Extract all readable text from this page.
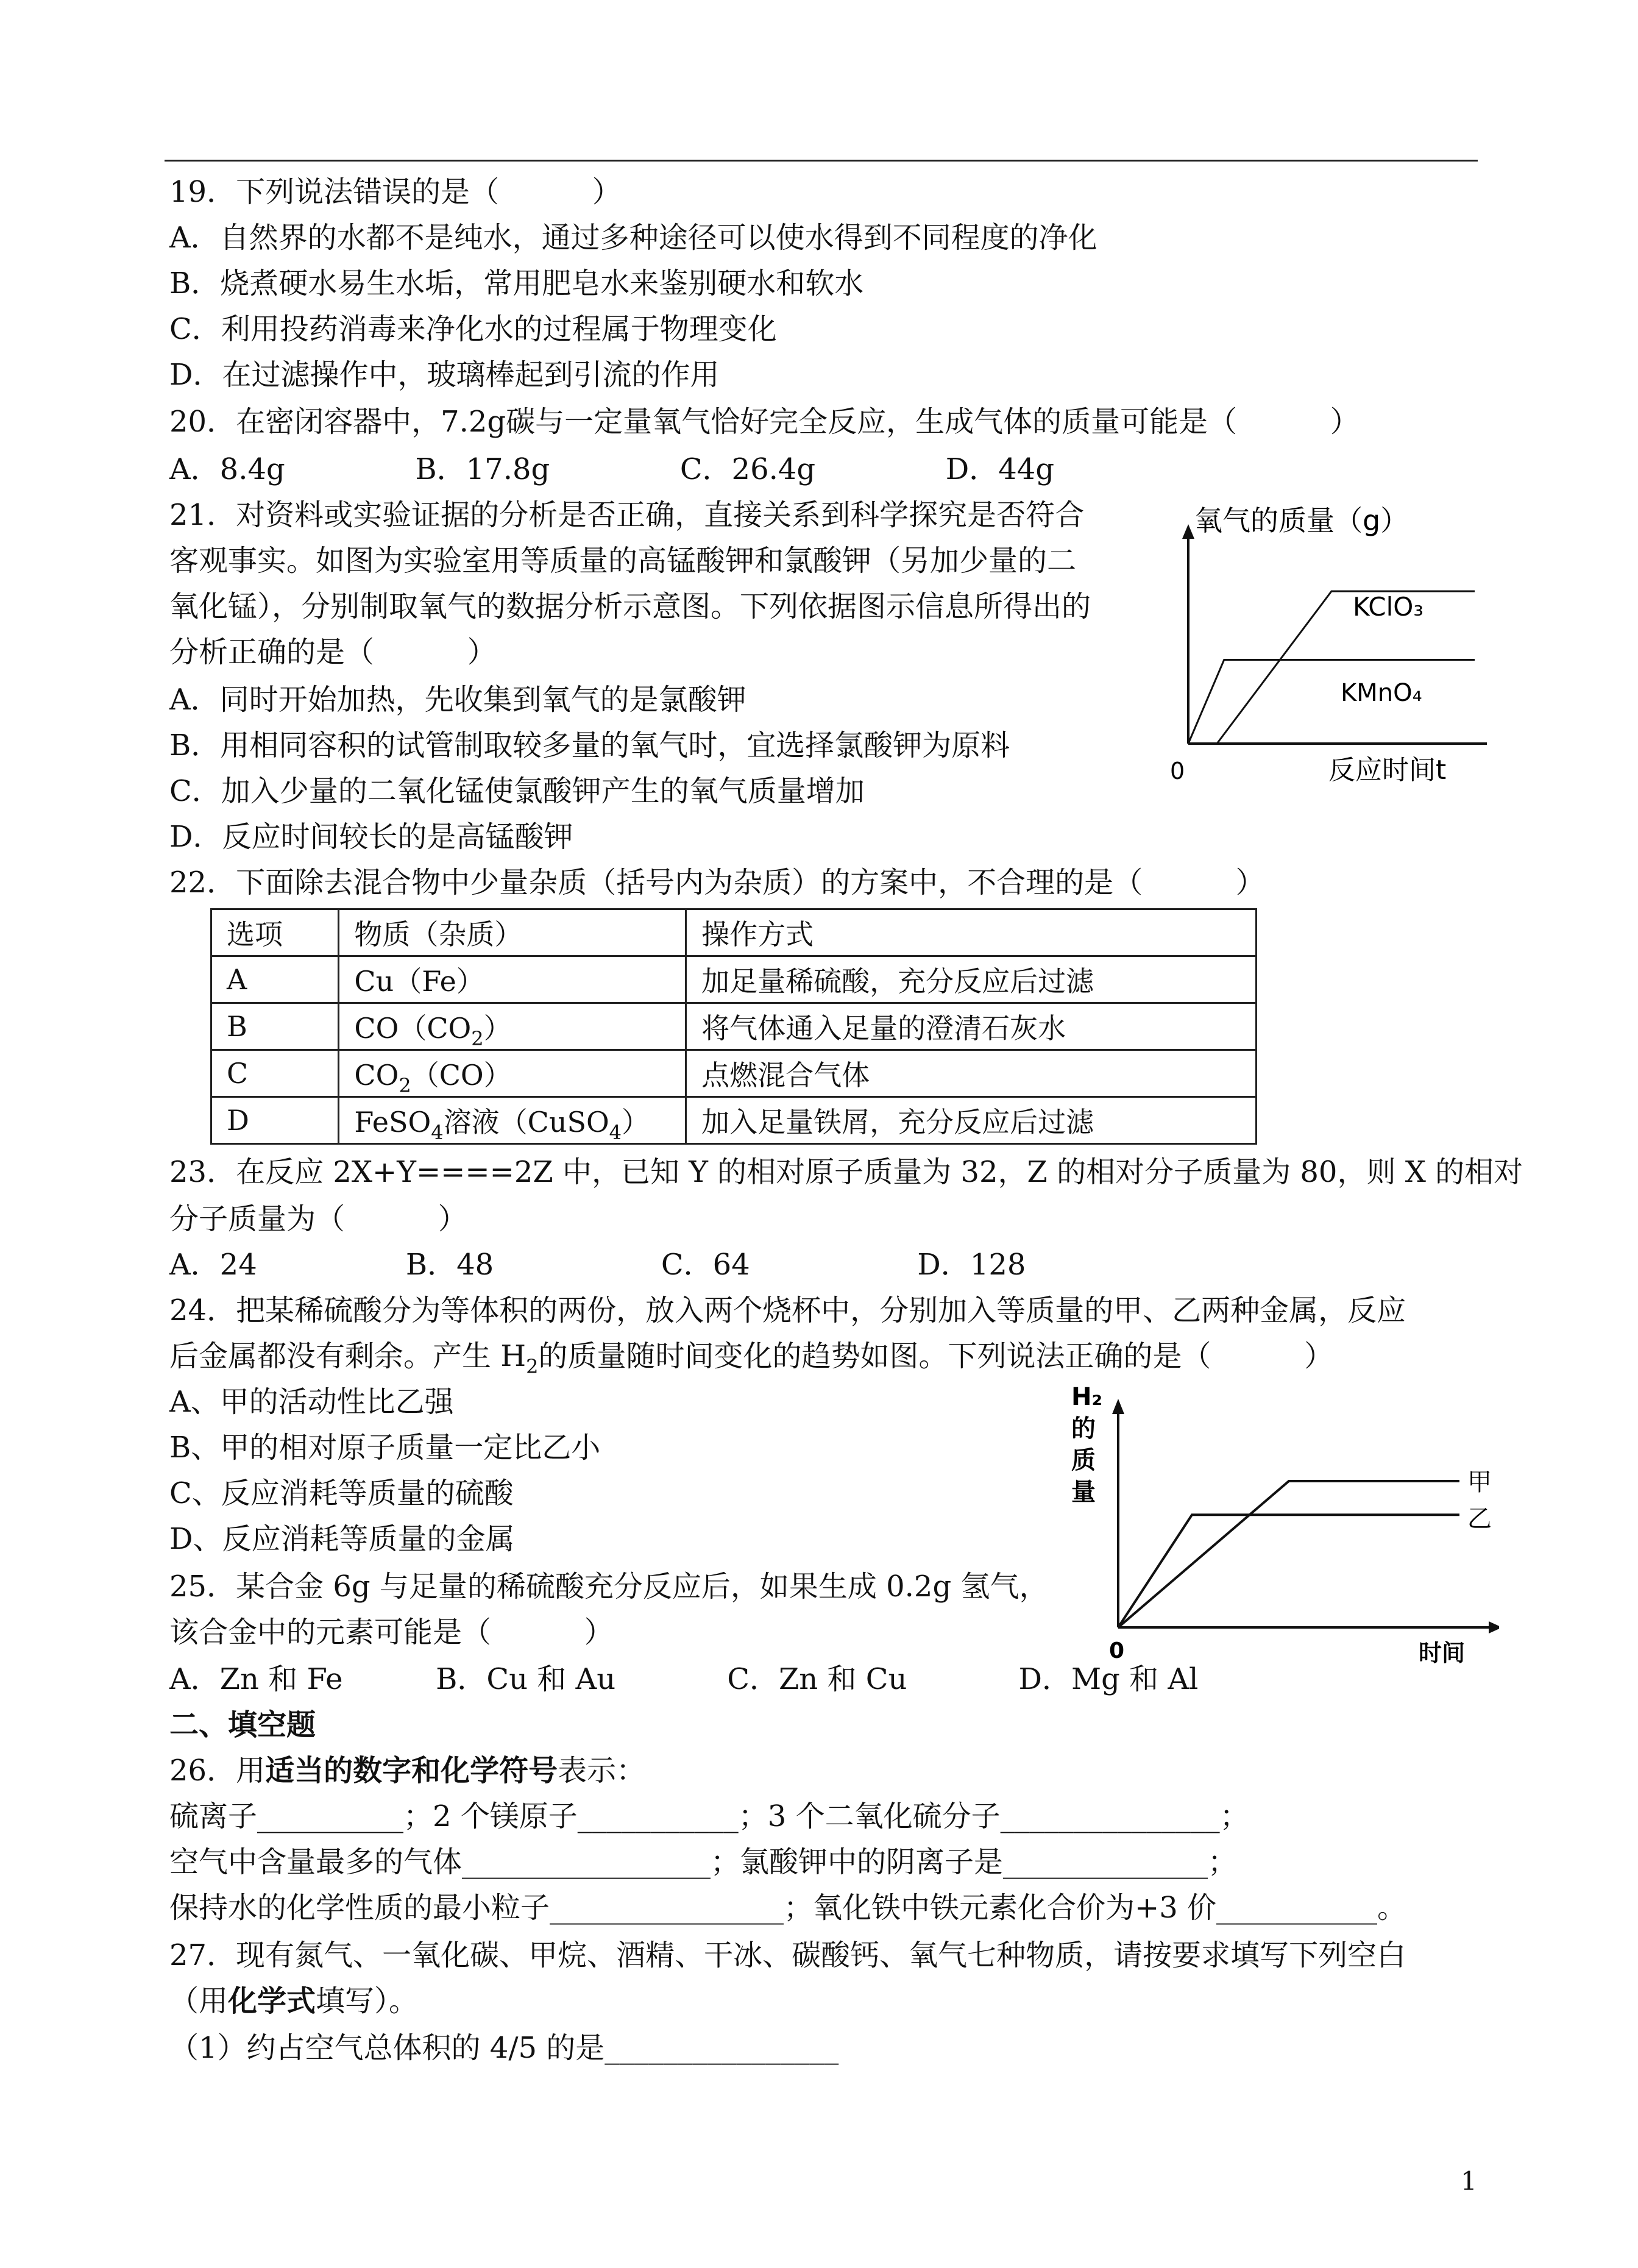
19．下列说法错误的是（          ）
A．自然界的水都不是纯水，通过多种途径可以使水得到不同程度的净化
B．烧煮硬水易生水垢，常用肥皂水来鉴别硬水和软水
C．利用投药消毒来净化水的过程属于物理变化
D．在过滤操作中，玻璃棒起到引流的作用
20．在密闭容器中，7.2g碳与一定量氧气恰好完全反应，生成气体的质量可能是（          ）
A．8.4g              B．17.8g              C．26.4g              D．44g
21．对资料或实验证据的分析是否正确，直接关系到科学探究是否符合
客观事实。如图为实验室用等质量的高锰酸钾和氯酸钾（另加少量的二
氧化锰），分别制取氧气的数据分析示意图。下列依据图示信息所得出的
分析正确的是（          ）
A．同时开始加热，先收集到氧气的是氯酸钾
B．用相同容积的试管制取较多量的氧气时，宜选择氯酸钾为原料
C．加入少量的二氧化锰使氯酸钾产生的氧气质量增加
D．反应时间较长的是高锰酸钾
氧气的质量（g）
反应时间t
0
KClO₃
KMnO₄
22．下面除去混合物中少量杂质（括号内为杂质）的方案中，不合理的是（          ）
选项	物质（杂质）	操作方式
A	Cu（Fe）	加足量稀硫酸，充分反应后过滤
B	$CO(CO_2)$	将气体通入足量的澄清石灰水
C	$CO_2(CO)$	点燃混合气体
D	FeSO$_4$溶液（CuSO$_4$）	加入足量铁屑，充分反应后过滤
23．在反应 2X+Y====2Z 中，已知 Y 的相对原子质量为 32，Z 的相对分子质量为 80，则 X 的相对
分子质量为（          ）
A．24                B．48                  C．64                  D．128
24．把某稀硫酸分为等体积的两份，放入两个烧杯中，分别加入等质量的甲、乙两种金属，反应
后金属都没有剩余。产生 $H_2$的质量随时间变化的趋势如图。下列说法正确的是（          ）
A、甲的活动性比乙强
B、甲的相对原子质量一定比乙小
C、反应消耗等质量的硫酸
D、反应消耗等质量的金属
H₂
的
质
量
0	时间
甲
乙
25．某合金 6g 与足量的稀硫酸充分反应后，如果生成 0.2g 氢气，
该合金中的元素可能是（          ）
A．Zn 和 Fe          B．Cu 和 Au            C．Zn 和 Cu            D．Mg 和 Al
二、填空题
26．用适当的数字和化学符号表示：
硫离子__________；2 个镁原子___________；3 个二氧化硫分子_______________；
空气中含量最多的气体_________________；氯酸钾中的阴离子是______________；
保持水的化学性质的最小粒子________________；氧化铁中铁元素化合价为+3 价___________。
27．现有氮气、一氧化碳、甲烷、酒精、干冰、碳酸钙、氧气七种物质，请按要求填写下列空白
（用化学式填写）。
（1）约占空气总体积的 4/5 的是________________
1
